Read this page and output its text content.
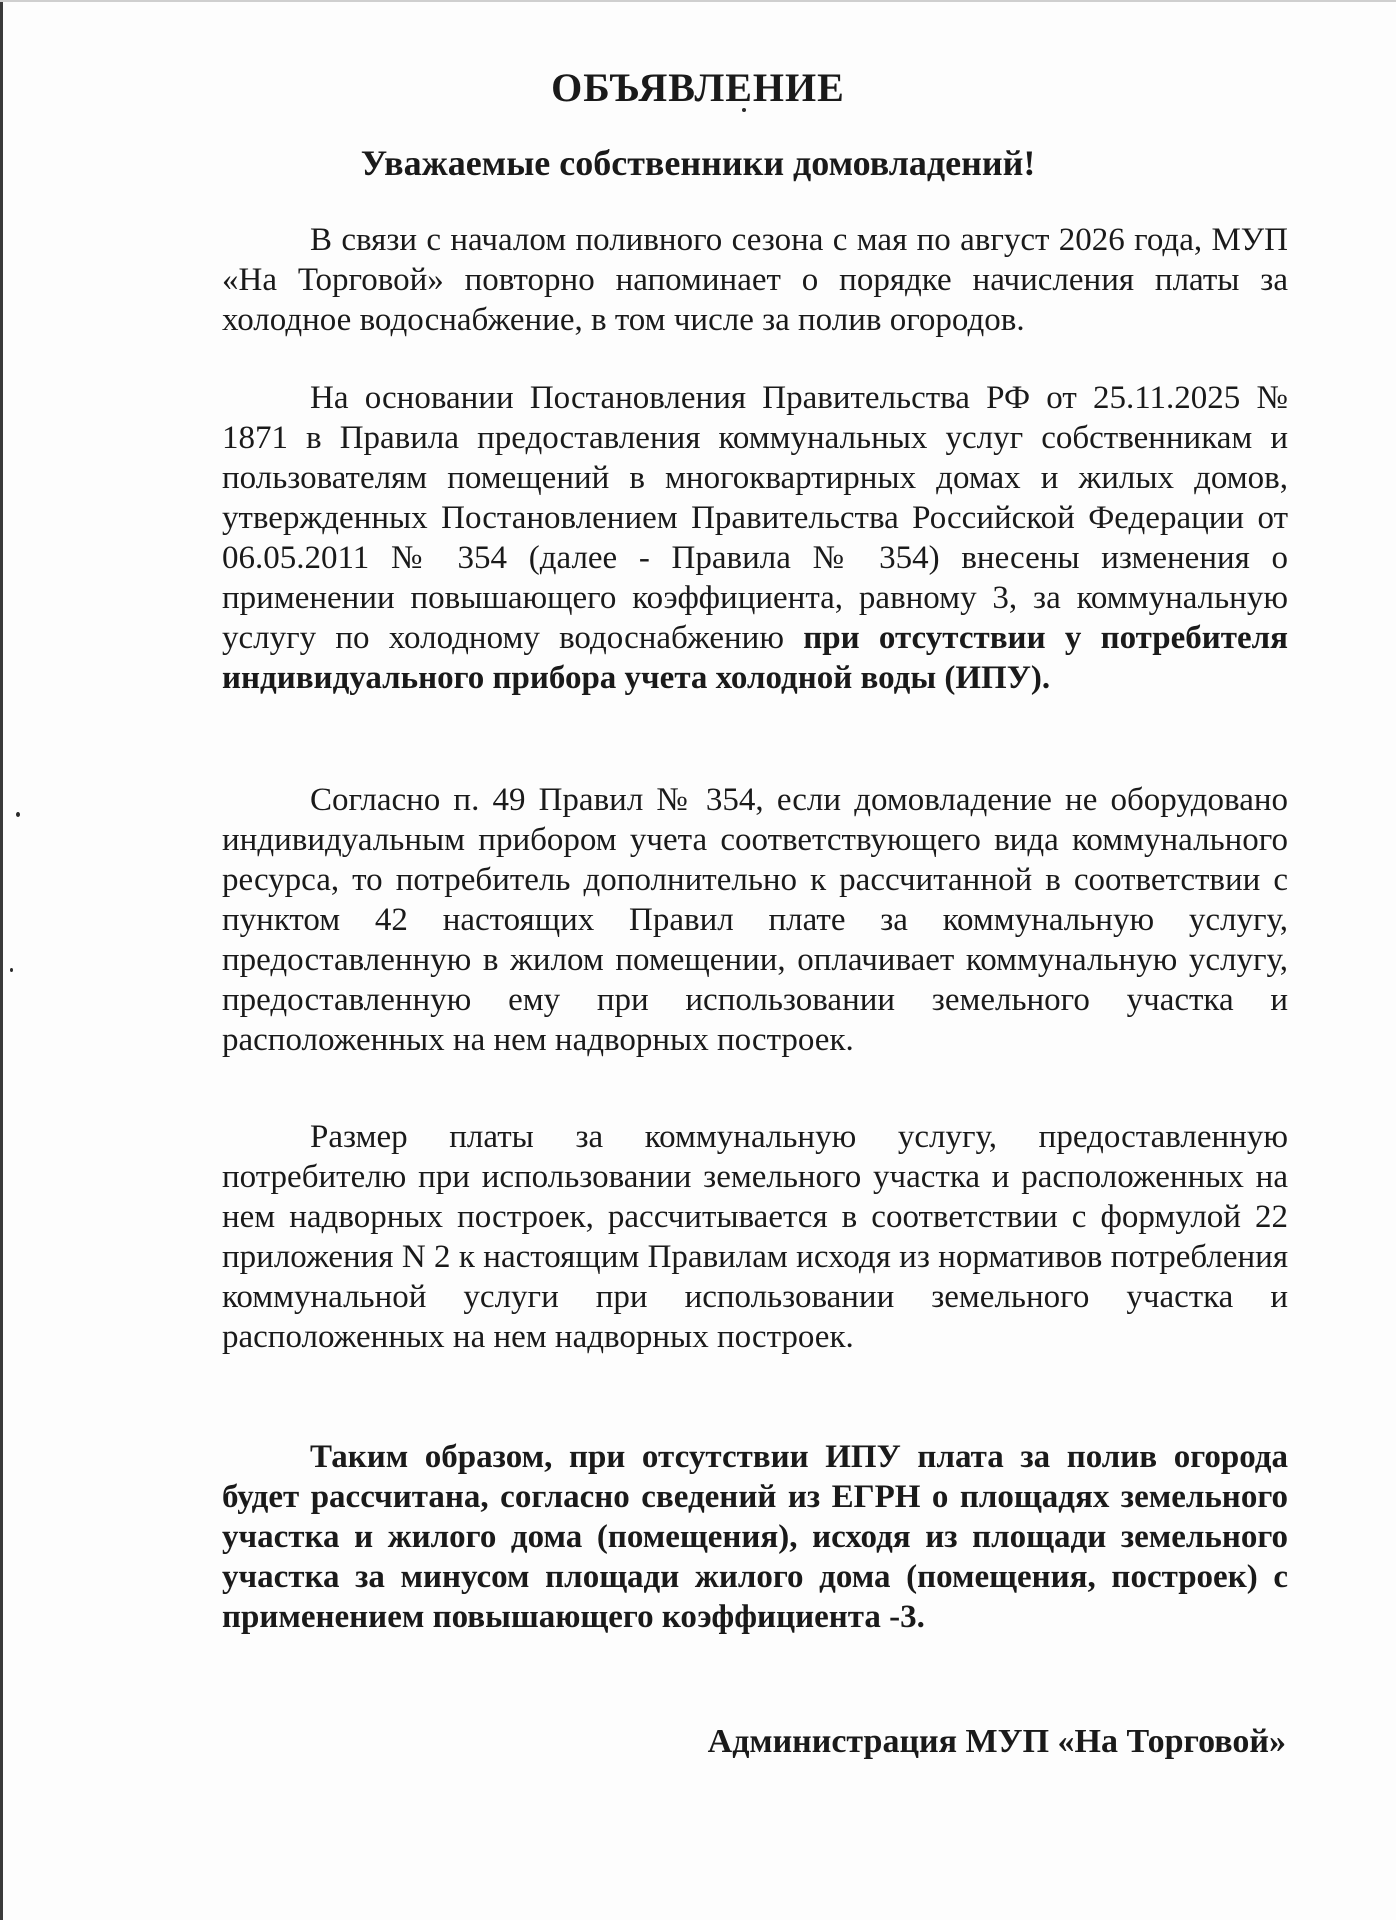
ОБЪЯВЛЕНИЕ
Уважаемые собственники домовладений!

В связи с началом поливного сезона с мая по август 2026 года, МУП «На Торговой» повторно напоминает о порядке начисления платы за холодное водоснабжение, в том числе за полив огородов.

На основании Постановления Правительства РФ от 25.11.2025 № 1871 в Правила предоставления коммунальных услуг собственникам и пользователям помещений в многоквартирных домах и жилых домов, утвержденных Постановлением Правительства Российской Федерации от 06.05.2011 № 354 (далее - Правила № 354) внесены изменения о применении повышающего коэффициента, равному 3, за коммунальную услугу по холодному водоснабжению при отсутствии у потребителя индивидуального прибора учета холодной воды (ИПУ).

Согласно п. 49 Правил № 354, если домовладение не оборудовано индивидуальным прибором учета соответствующего вида коммунального ресурса, то потребитель дополнительно к рассчитанной в соответствии с пунктом 42 настоящих Правил плате за коммунальную услугу, предоставленную в жилом помещении, оплачивает коммунальную услугу, предоставленную ему при использовании земельного участка и расположенных на нем надворных построек.

Размер платы за коммунальную услугу, предоставленную потребителю при использовании земельного участка и расположенных на нем надворных построек, рассчитывается в соответствии с формулой 22 приложения N 2 к настоящим Правилам исходя из нормативов потребления коммунальной услуги при использовании земельного участка и расположенных на нем надворных построек.

Таким образом, при отсутствии ИПУ плата за полив огорода будет рассчитана, согласно сведений из ЕГРН о площадях земельного участка и жилого дома (помещения), исходя из площади земельного участка за минусом площади жилого дома (помещения, построек) с применением повышающего коэффициента -3.

Администрация МУП «На Торговой»
